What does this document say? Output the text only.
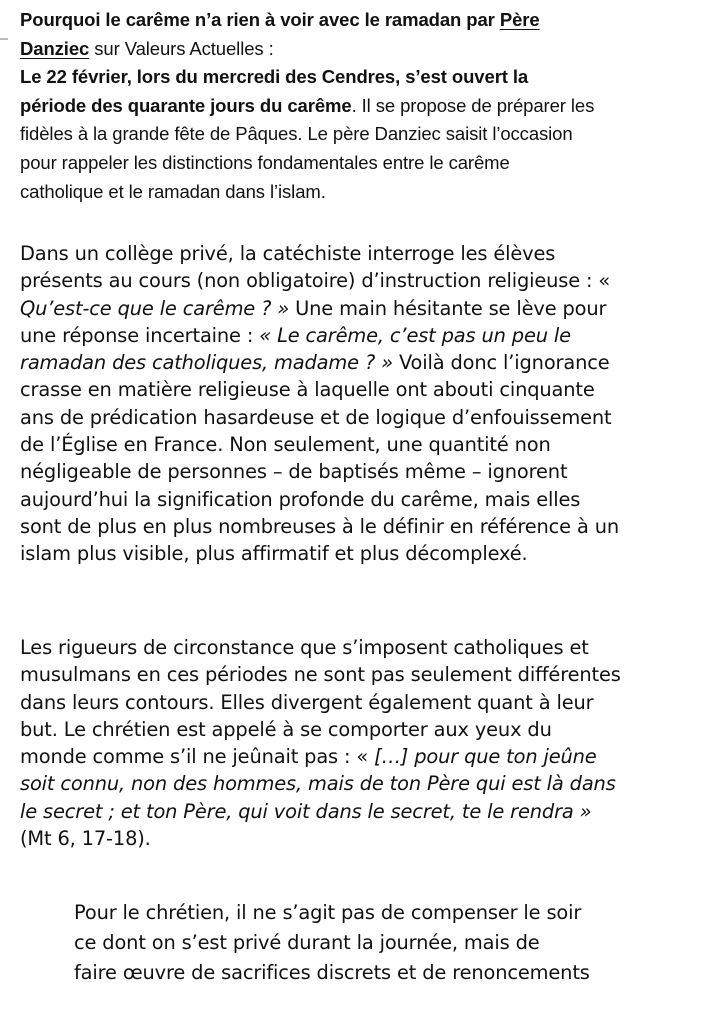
Pourquoi le carême n’a rien à voir avec le ramadan par Père
Danziec sur Valeurs Actuelles :
Le 22 février, lors du mercredi des Cendres, s’est ouvert la
période des quarante jours du carême. Il se propose de préparer les
fidèles à la grande fête de Pâques. Le père Danziec saisit l’occasion
pour rappeler les distinctions fondamentales entre le carême
catholique et le ramadan dans l’islam.
Dans un collège privé, la catéchiste interroge les élèves
présents au cours (non obligatoire) d’instruction religieuse : «
Qu’est-ce que le carême ? » Une main hésitante se lève pour
une réponse incertaine : « Le carême, c’est pas un peu le
ramadan des catholiques, madame ? » Voilà donc l’ignorance
crasse en matière religieuse à laquelle ont abouti cinquante
ans de prédication hasardeuse et de logique d’enfouissement
de l’Église en France. Non seulement, une quantité non
négligeable de personnes – de baptisés même – ignorent
aujourd’hui la signification profonde du carême, mais elles
sont de plus en plus nombreuses à le définir en référence à un
islam plus visible, plus affirmatif et plus décomplexé.
Les rigueurs de circonstance que s’imposent catholiques et
musulmans en ces périodes ne sont pas seulement différentes
dans leurs contours. Elles divergent également quant à leur
but. Le chrétien est appelé à se comporter aux yeux du
monde comme s’il ne jeûnait pas : « […] pour que ton jeûne
soit connu, non des hommes, mais de ton Père qui est là dans
le secret ; et ton Père, qui voit dans le secret, te le rendra »
(Mt 6, 17-18).
Pour le chrétien, il ne s’agit pas de compenser le soir
ce dont on s’est privé durant la journée, mais de
faire œuvre de sacrifices discrets et de renoncements
